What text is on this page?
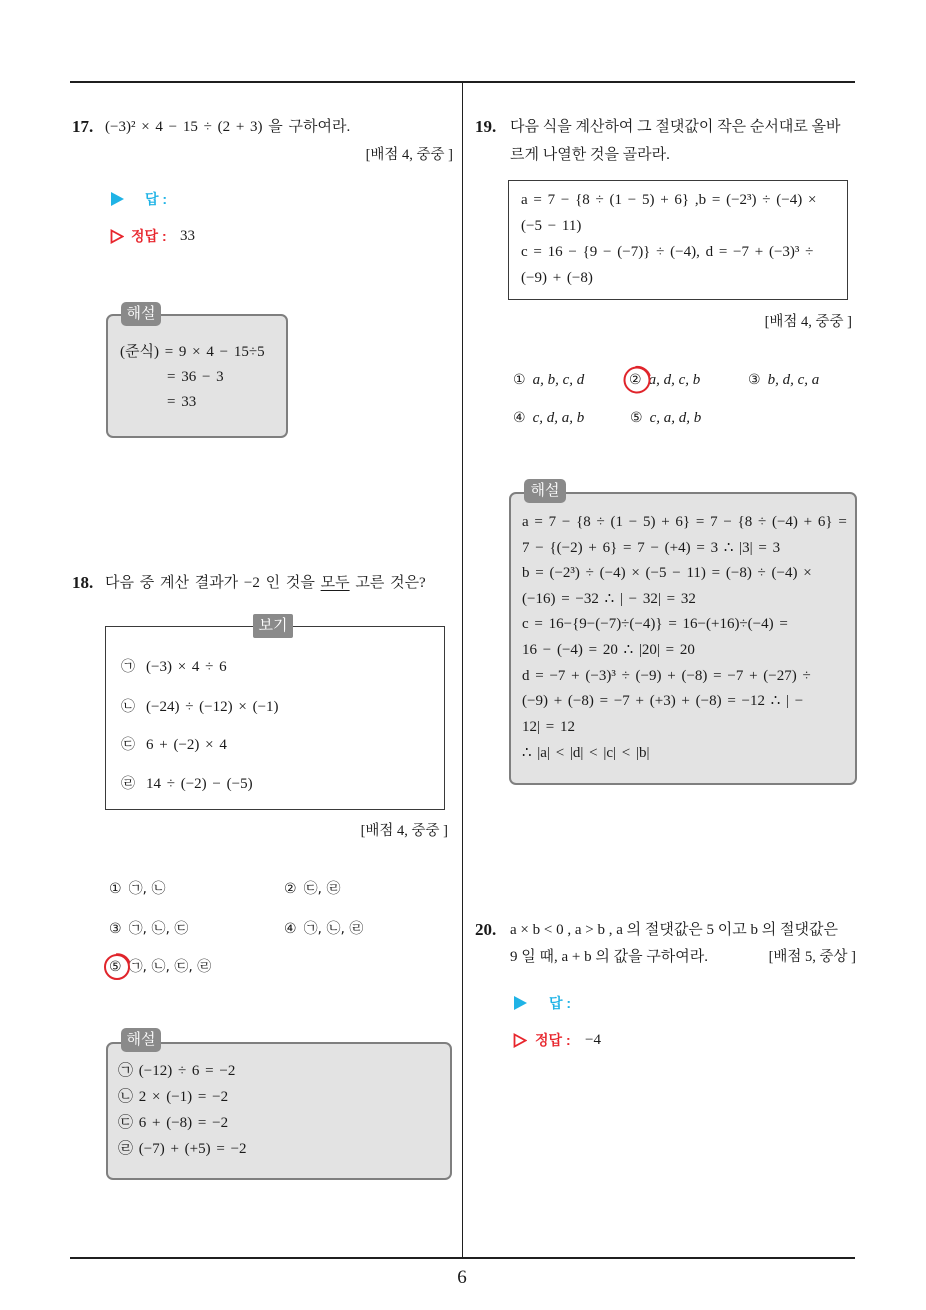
6
17. (−3)² × 4 − 15 ÷ (2 + 3) 을 구하여라.
[배점 4, 중중 ]
답 :
정답 : 33
해설
(준식) = 9 × 4 − 15÷5
= 36 − 3
= 33
18. 다음 중 계산 결과가 −2 인 것을 모두 고른 것은?
보기
㉠ (−3) × 4 ÷ 6
㉡ (−24) ÷ (−12) × (−1)
㉢ 6 + (−2) × 4
㉣ 14 ÷ (−2) − (−5)
[배점 4, 중중 ]
① ㉠, ㉡	② ㉢, ㉣
③ ㉠, ㉡, ㉢	④ ㉠, ㉡, ㉣
⑤ ㉠, ㉡, ㉢, ㉣
해설
㉠ (−12) ÷ 6 = −2
㉡ 2 × (−1) = −2
㉢ 6 + (−8) = −2
㉣ (−7) + (+5) = −2
19. 다음 식을 계산하여 그 절댓값이 작은 순서대로 올바
르게 나열한 것을 골라라.
a = 7 − {8 ÷ (1 − 5) + 6} ,b = (−2³) ÷ (−4) ×
(−5 − 11)
c = 16 − {9 − (−7)} ÷ (−4), d = −7 + (−3)³ ÷
(−9) + (−8)
[배점 4, 중중 ]
① a, b, c, d	② a, d, c, b	③ b, d, c, a
④ c, d, a, b	⑤ c, a, d, b
해설
a = 7 − {8 ÷ (1 − 5) + 6} = 7 − {8 ÷ (−4) + 6} =
7 − {(−2) + 6} = 7 − (+4) = 3 ∴ |3| = 3
b = (−2³) ÷ (−4) × (−5 − 11) = (−8) ÷ (−4) ×
(−16) = −32 ∴ | − 32| = 32
c = 16−{9−(−7)÷(−4)} = 16−(+16)÷(−4) =
16 − (−4) = 20 ∴ |20| = 20
d = −7 + (−3)³ ÷ (−9) + (−8) = −7 + (−27) ÷
(−9) + (−8) = −7 + (+3) + (−8) = −12 ∴ | −
12| = 12
∴ |a| < |d| < |c| < |b|
20. a × b < 0 , a > b , a 의 절댓값은 5 이고 b 의 절댓값은
9 일 때, a + b 의 값을 구하여라.	[배점 5, 중상 ]
답 :
정답 : −4
